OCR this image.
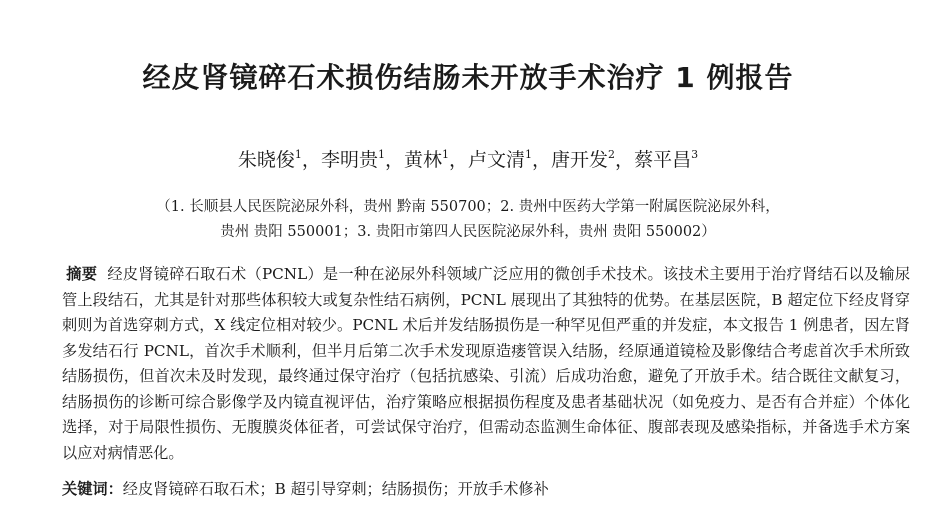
经皮肾镜碎石术损伤结肠未开放手术治疗 1 例报告
朱晓俊$^1$，李明贵$^1$，黄林$^1$，卢文清$^1$，唐开发$^2$，蔡平昌$^3$

（1. 长顺县人民医院泌尿外科，贵州 黔南 550700；2. 贵州中医药大学第一附属医院泌尿外科，

贵州 贵阳 550001；3. 贵阳市第四人民医院泌尿外科，贵州 贵阳 550002）

摘要 经皮肾镜碎石取石术（PCNL）是一种在泌尿外科领域广泛应用的微创手术技术。该技术主要用于治疗肾结石以及输尿管上段结石，尤其是针对那些体积较大或复杂性结石病例，PCNL 展现出了其独特的优势。在基层医院，B 超定位下经皮肾穿刺则为首选穿刺方式，X 线定位相对较少。PCNL 术后并发结肠损伤是一种罕见但严重的并发症，本文报告 1 例患者，因左肾多发结石行 PCNL，首次手术顺利，但半月后第二次手术发现原造瘘管误入结肠，经原通道镜检及影像结合考虑首次手术所致结肠损伤，但首次未及时发现，最终通过保守治疗（包括抗感染、引流）后成功治愈，避免了开放手术。结合既往文献复习，结肠损伤的诊断可综合影像学及内镜直视评估，治疗策略应根据损伤程度及患者基础状况（如免疫力、是否有合并症）个体化选择，对于局限性损伤、无腹膜炎体征者，可尝试保守治疗，但需动态监测生命体征、腹部表现及感染指标，并备选手术方案以应对病情恶化。

关键词：经皮肾镜碎石取石术；B 超引导穿刺；结肠损伤；开放手术修补
